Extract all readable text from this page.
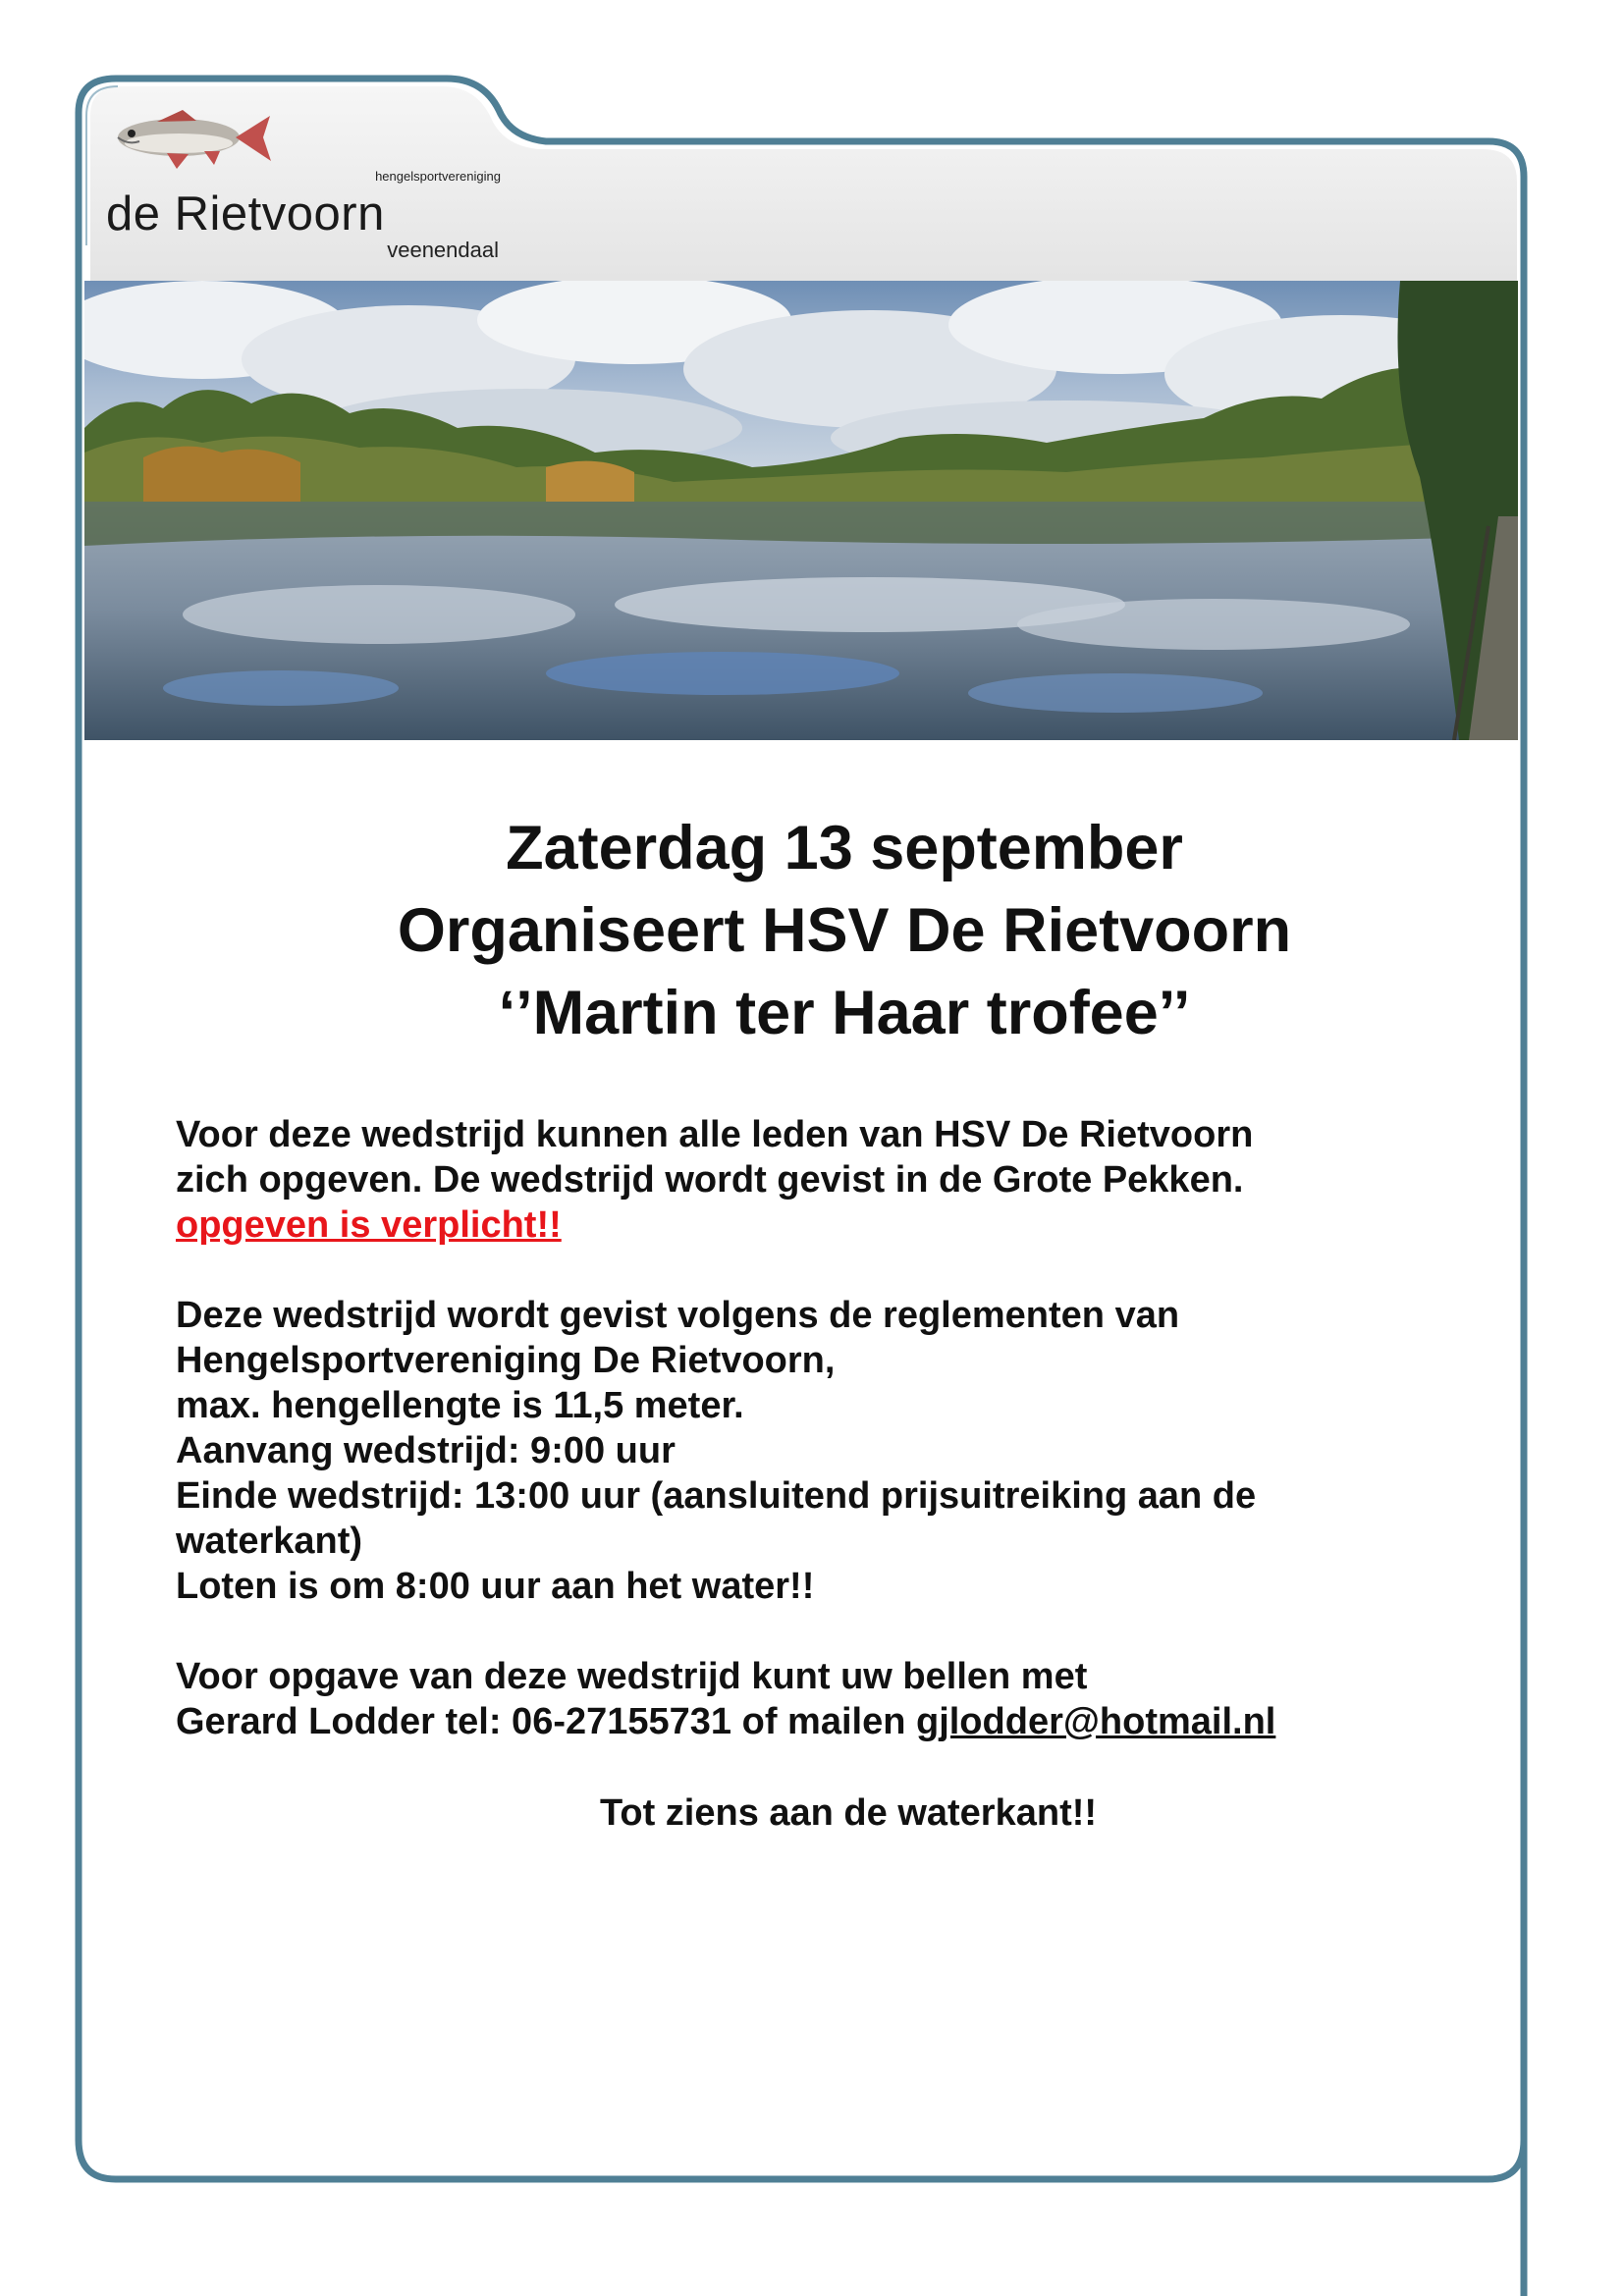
hengelsportvereniging
de Rietvoorn
veenendaal
Zaterdag 13 september
Organiseert HSV De Rietvoorn
‘’Martin ter Haar trofee’’
Voor deze wedstrijd kunnen alle leden van HSV De Rietvoorn
zich opgeven. De wedstrijd wordt gevist in de Grote Pekken.
opgeven is verplicht!!
Deze wedstrijd wordt gevist volgens de reglementen van
Hengelsportvereniging De Rietvoorn,
max. hengellengte is 11,5 meter.
Aanvang wedstrijd: 9:00 uur
Einde wedstrijd: 13:00 uur (aansluitend prijsuitreiking aan de
waterkant)
Loten is om 8:00 uur aan het water!!
Voor opgave van deze wedstrijd kunt uw bellen met
Gerard Lodder tel: 06-27155731 of mailen gjlodder@hotmail.nl
Tot ziens aan de waterkant!!
